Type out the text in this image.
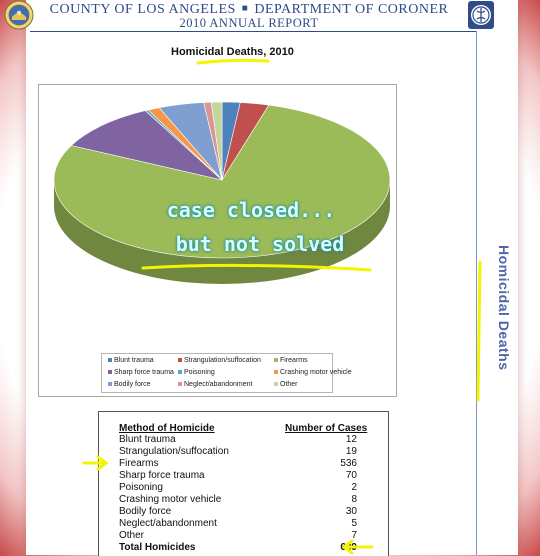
COUNTY OF LOS ANGELES ■ DEPARTMENT OF CORONER
2010 ANNUAL REPORT
Homicidal Deaths
Homicidal Deaths, 2010
Blunt trauma	Strangulation/suffocation	Firearms
Sharp force trauma	Poisoning	Crashing motor vehicle
Bodily force	Neglect/abandonment	Other
case closed...
but not solved
Method of Homicide	Number of Cases
Blunt trauma	12
Strangulation/suffocation	19
Firearms	536
Sharp force trauma	70
Poisoning	2
Crashing motor vehicle	8
Bodily force	30
Neglect/abandonment	5
Other	7
Total Homicides	689
